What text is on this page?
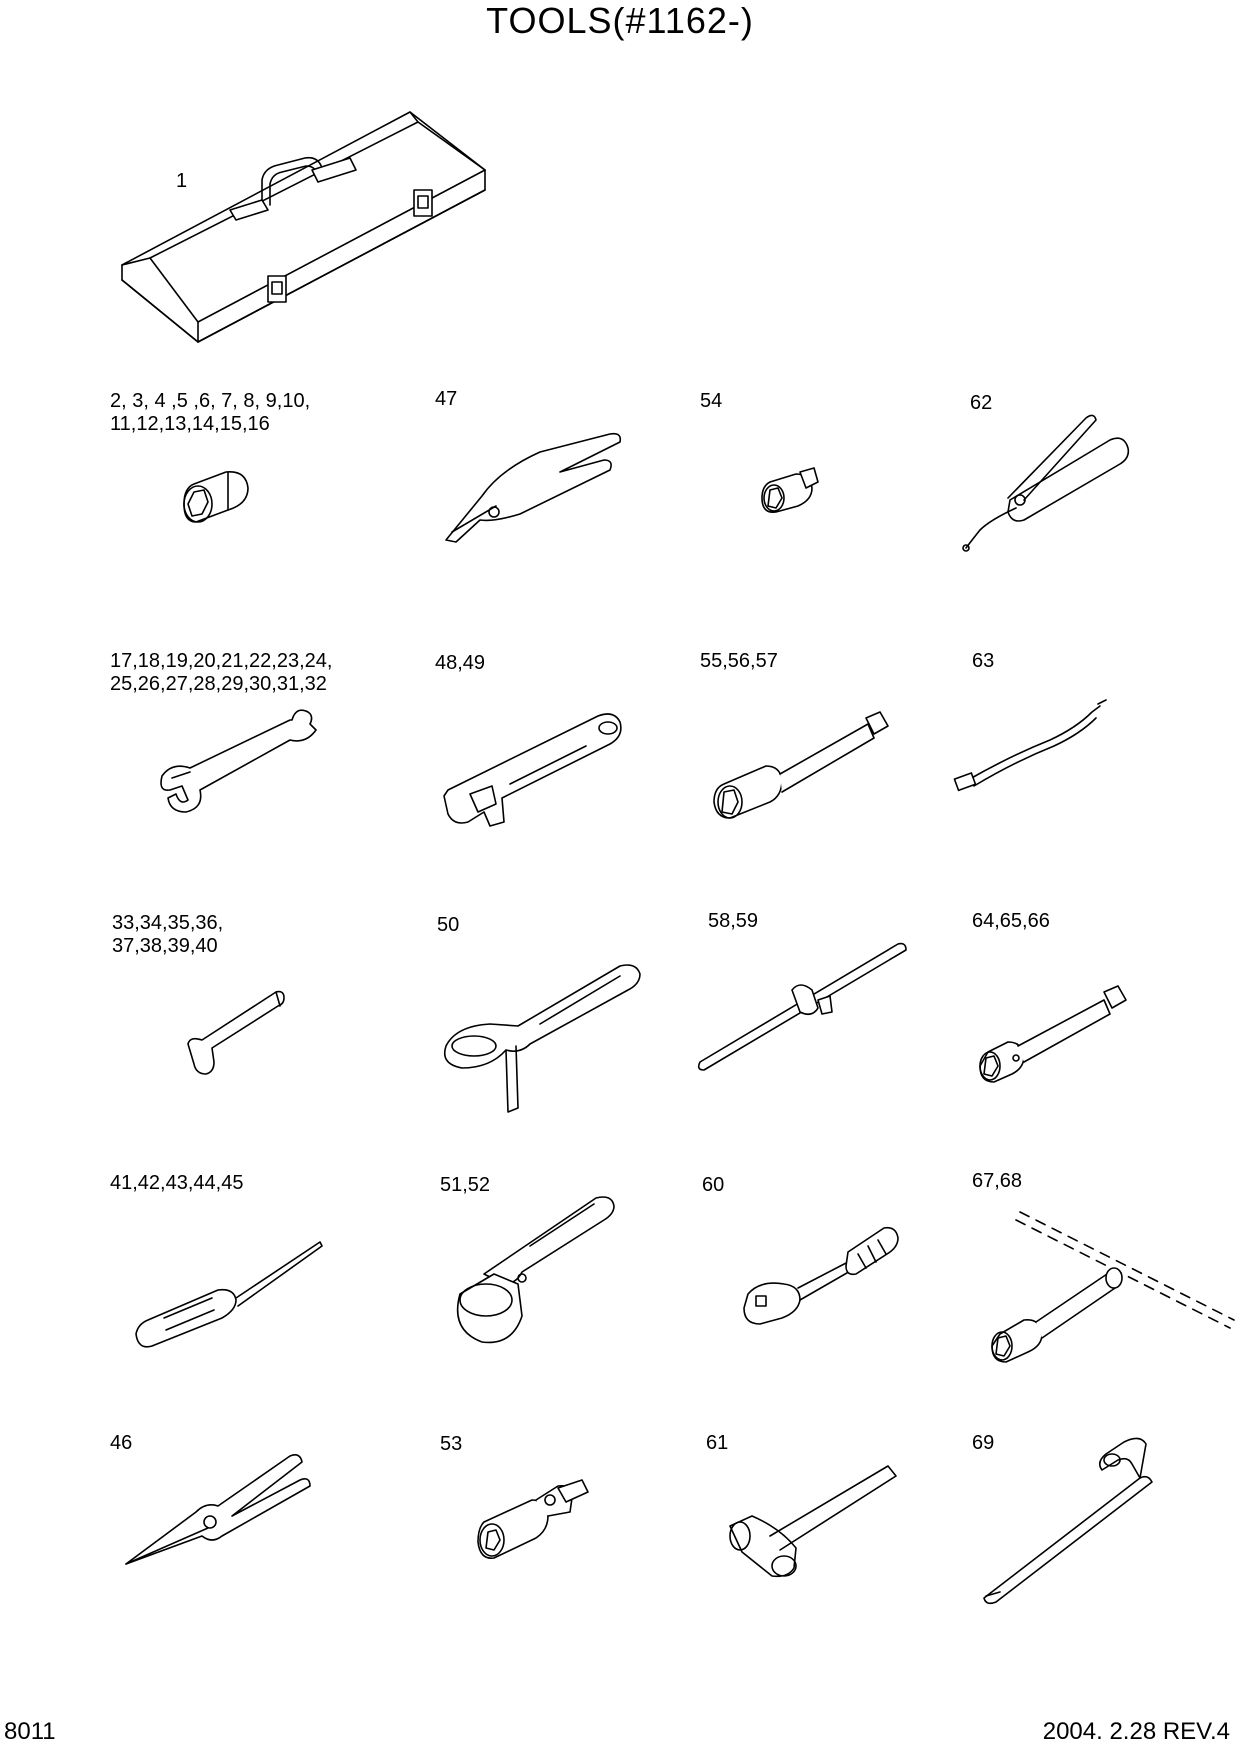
TOOLS(#1162-)
1
2, 3, 4 ,5 ,6, 7, 8, 9,10,
11,12,13,14,15,16
47	54	62
17,18,19,20,21,22,23,24,
25,26,27,28,29,30,31,32
48,49	55,56,57	63
33,34,35,36,
37,38,39,40
50	58,59	64,65,66
41,42,43,44,45	51,52	60	67,68
46	53	61	69
8011	2004. 2.28 REV.4
